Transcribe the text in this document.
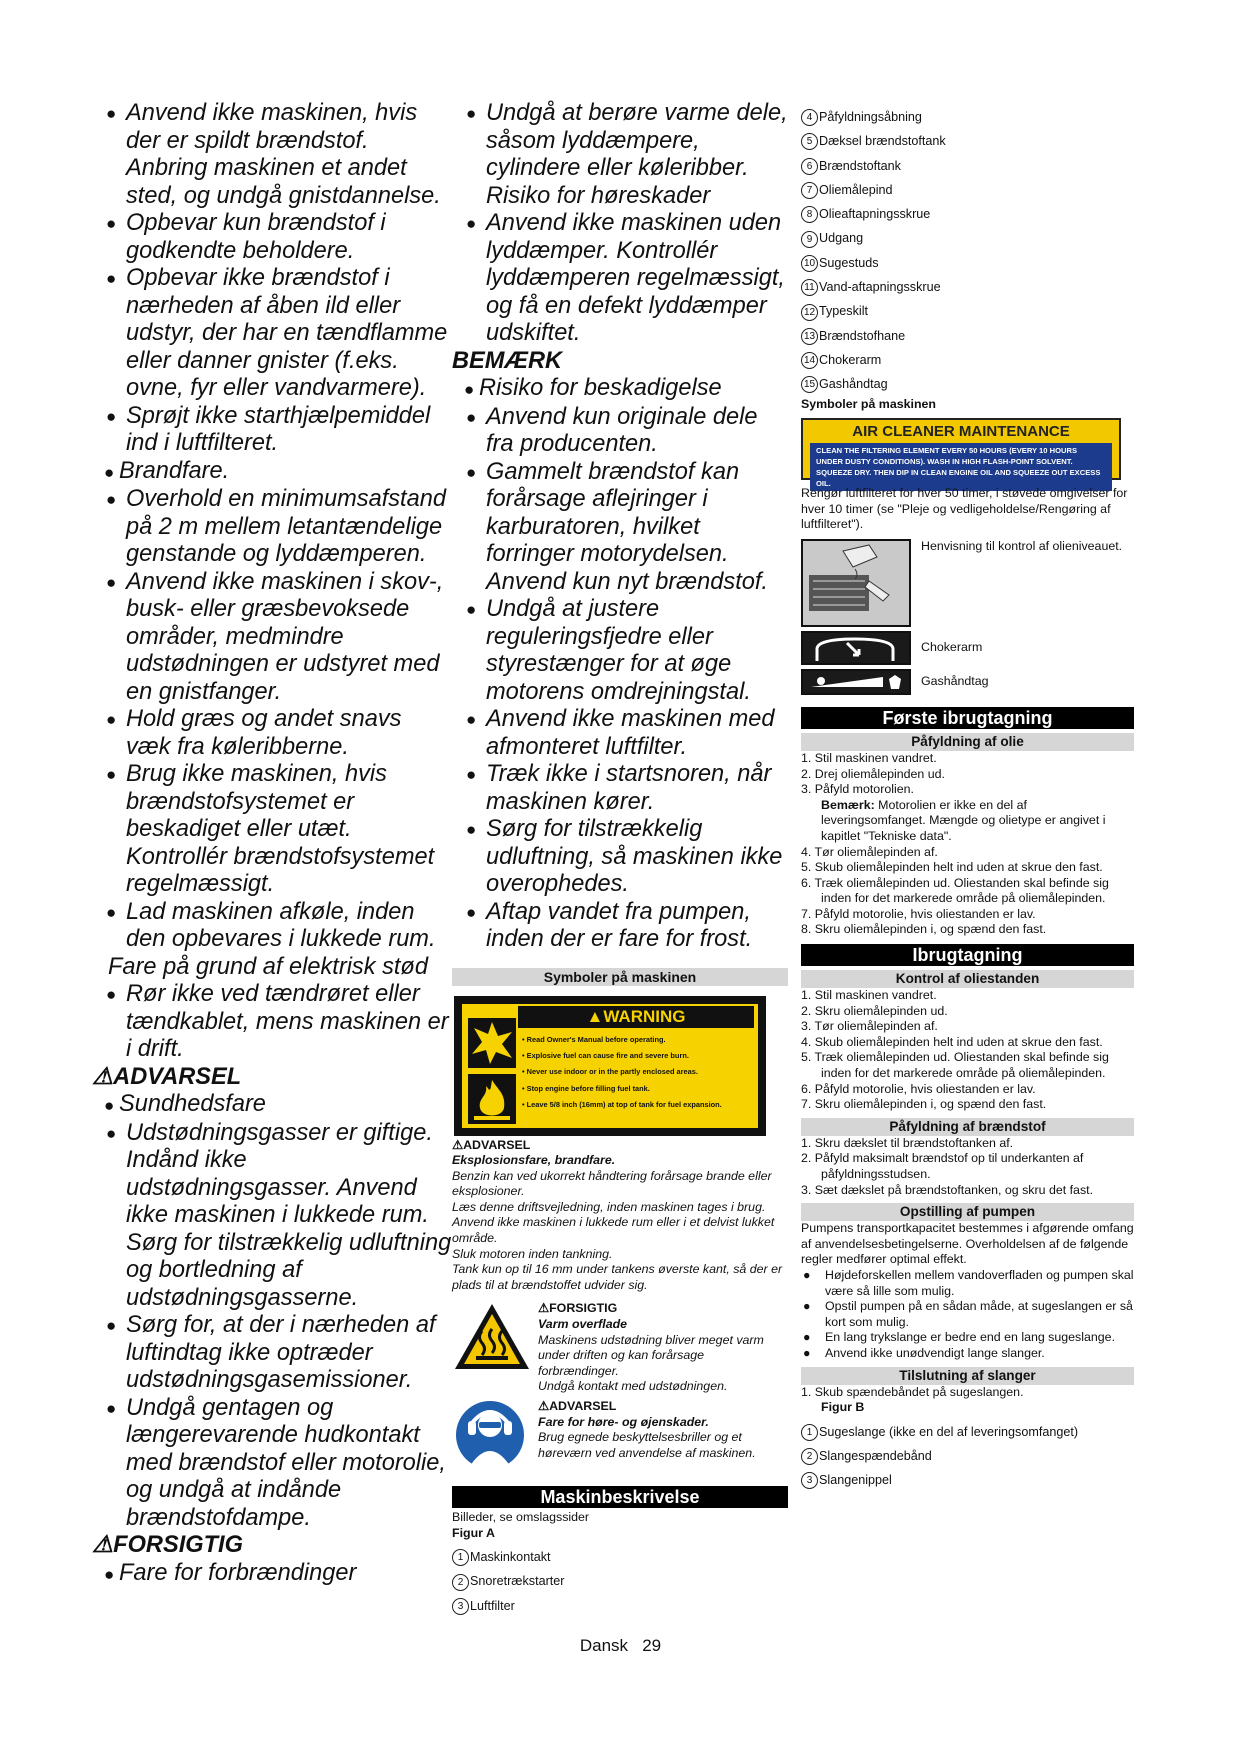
● Anvend ikke maskinen, hvis der er spildt brændstof. Anbring maskinen et andet sted, og undgå gnistdannelse.
● Opbevar kun brændstof i godkendte beholdere.
● Opbevar ikke brændstof i nærheden af åben ild eller udstyr, der har en tændflamme eller danner gnister (f.eks. ovne, fyr eller vandvarmere).
● Sprøjt ikke starthjælpemiddel ind i luftfilteret.
● Brandfare.
● Overhold en minimumsafstand på 2 m mellem letantændelige genstande og lyddæmperen.
● Anvend ikke maskinen i skov-, busk- eller græsbevoksede områder, medmindre udstødningen er udstyret med en gnistfanger.
● Hold græs og andet snavs væk fra køleribberne.
● Brug ikke maskinen, hvis brændstofsystemet er beskadiget eller utæt. Kontrollér brændstofsystemet regelmæssigt.
● Lad maskinen afkøle, inden den opbevares i lukkede rum.
Fare på grund af elektrisk stød
● Rør ikke ved tændrøret eller tændkablet, mens maskinen er i drift.
⚠ADVARSEL
● Sundhedsfare
● Udstødningsgasser er giftige. Indånd ikke udstødningsgasser. Anvend ikke maskinen i lukkede rum. Sørg for tilstrækkelig udluftning og bortledning af udstødningsgasserne.
● Sørg for, at der i nærheden af luftindtag ikke optræder udstødningsgasemissioner.
● Undgå gentagen og længerevarende hudkontakt med brændstof eller motorolie, og undgå at indånde brændstofdampe.
⚠FORSIGTIG
● Fare for forbrændinger
● Undgå at berøre varme dele, såsom lyddæmpere, cylindere eller køleribber.
Risiko for høreskader
● Anvend ikke maskinen uden lyddæmper. Kontrollér lyddæmperen regelmæssigt, og få en defekt lyddæmper udskiftet.
BEMÆRK
● Risiko for beskadigelse
● Anvend kun originale dele fra producenten.
● Gammelt brændstof kan forårsage aflejringer i karburatoren, hvilket forringer motorydelsen. Anvend kun nyt brændstof.
● Undgå at justere reguleringsfjedre eller styrestænger for at øge motorens omdrejningstal.
● Anvend ikke maskinen med afmonteret luftfilter.
● Træk ikke i startsnoren, når maskinen kører.
● Sørg for tilstrækkelig udluftning, så maskinen ikke overophedes.
● Aftap vandet fra pumpen, inden der er fare for frost.
Symboler på maskinen
▲WARNING
• Read Owner's Manual before operating.
• Explosive fuel can cause fire and severe burn.
• Never use indoor or in the partly enclosed areas.
• Stop engine before filling fuel tank.
• Leave 5/8 inch (16mm) at top of tank for fuel expansion.
⚠ADVARSEL
Eksplosionsfare, brandfare.
Benzin kan ved ukorrekt håndtering forårsage brande eller eksplosioner.
Læs denne driftsvejledning, inden maskinen tages i brug.
Anvend ikke maskinen i lukkede rum eller i et delvist lukket område.
Sluk motoren inden tankning.
Tank kun op til 16 mm under tankens øverste kant, så der er plads til at brændstoffet udvider sig.
⚠FORSIGTIG
Varm overflade
Maskinens udstødning bliver meget varm under driften og kan forårsage forbrændinger.
Undgå kontakt med udstødningen.
⚠ADVARSEL
Fare for høre- og øjenskader.
Brug egnede beskyttelsesbriller og et høreværn ved anvendelse af maskinen.
Maskinbeskrivelse
Billeder, se omslagssider
Figur A
1 Maskinkontakt
2 Snoretrækstarter
3 Luftfilter
4 Påfyldningsåbning
5 Dæksel brændstoftank
6 Brændstoftank
7 Oliemålepind
8 Olieaftapningsskrue
9 Udgang
10 Sugestuds
11 Vand-aftapningsskrue
12 Typeskilt
13 Brændstofhane
14 Chokerarm
15 Gashåndtag
Symboler på maskinen
AIR CLEANER MAINTENANCE
CLEAN THE FILTERING ELEMENT EVERY 50 HOURS (EVERY 10 HOURS UNDER DUSTY CONDITIONS). WASH IN HIGH FLASH-POINT SOLVENT. SQUEEZE DRY. THEN DIP IN CLEAN ENGINE OIL AND SQUEEZE OUT EXCESS OIL.
Rengør luftfilteret for hver 50 timer, i støvede omgivelser for hver 10 timer (se "Pleje og vedligeholdelse/Rengøring af luftfilteret").
Henvisning til kontrol af olieniveauet.
Chokerarm
Gashåndtag
Første ibrugtagning
Påfyldning af olie
1. Stil maskinen vandret.
2. Drej oliemålepinden ud.
3. Påfyld motorolien.
Bemærk: Motorolien er ikke en del af leveringsomfanget. Mængde og olietype er angivet i kapitlet "Tekniske data".
4. Tør oliemålepinden af.
5. Skub oliemålepinden helt ind uden at skrue den fast.
6. Træk oliemålepinden ud. Oliestanden skal befinde sig inden for det markerede område på oliemålepinden.
7. Påfyld motorolie, hvis oliestanden er lav.
8. Skru oliemålepinden i, og spænd den fast.
Ibrugtagning
Kontrol af oliestanden
1. Stil maskinen vandret.
2. Skru oliemålepinden ud.
3. Tør oliemålepinden af.
4. Skub oliemålepinden helt ind uden at skrue den fast.
5. Træk oliemålepinden ud. Oliestanden skal befinde sig inden for det markerede område på oliemålepinden.
6. Påfyld motorolie, hvis oliestanden er lav.
7. Skru oliemålepinden i, og spænd den fast.
Påfyldning af brændstof
1. Skru dækslet til brændstoftanken af.
2. Påfyld maksimalt brændstof op til underkanten af påfyldningsstudsen.
3. Sæt dækslet på brændstoftanken, og skru det fast.
Opstilling af pumpen
Pumpens transportkapacitet bestemmes i afgørende omfang af anvendelsesbetingelserne. Overholdelsen af de følgende regler medfører optimal effekt.
● Højdeforskellen mellem vandoverfladen og pumpen skal være så lille som mulig.
● Opstil pumpen på en sådan måde, at sugeslangen er så kort som mulig.
● En lang trykslange er bedre end en lang sugeslange.
● Anvend ikke unødvendigt lange slanger.
Tilslutning af slanger
1. Skub spændebåndet på sugeslangen.
Figur B
1 Sugeslange (ikke en del af leveringsomfanget)
2 Slangespændebånd
3 Slangenippel
Dansk 29
